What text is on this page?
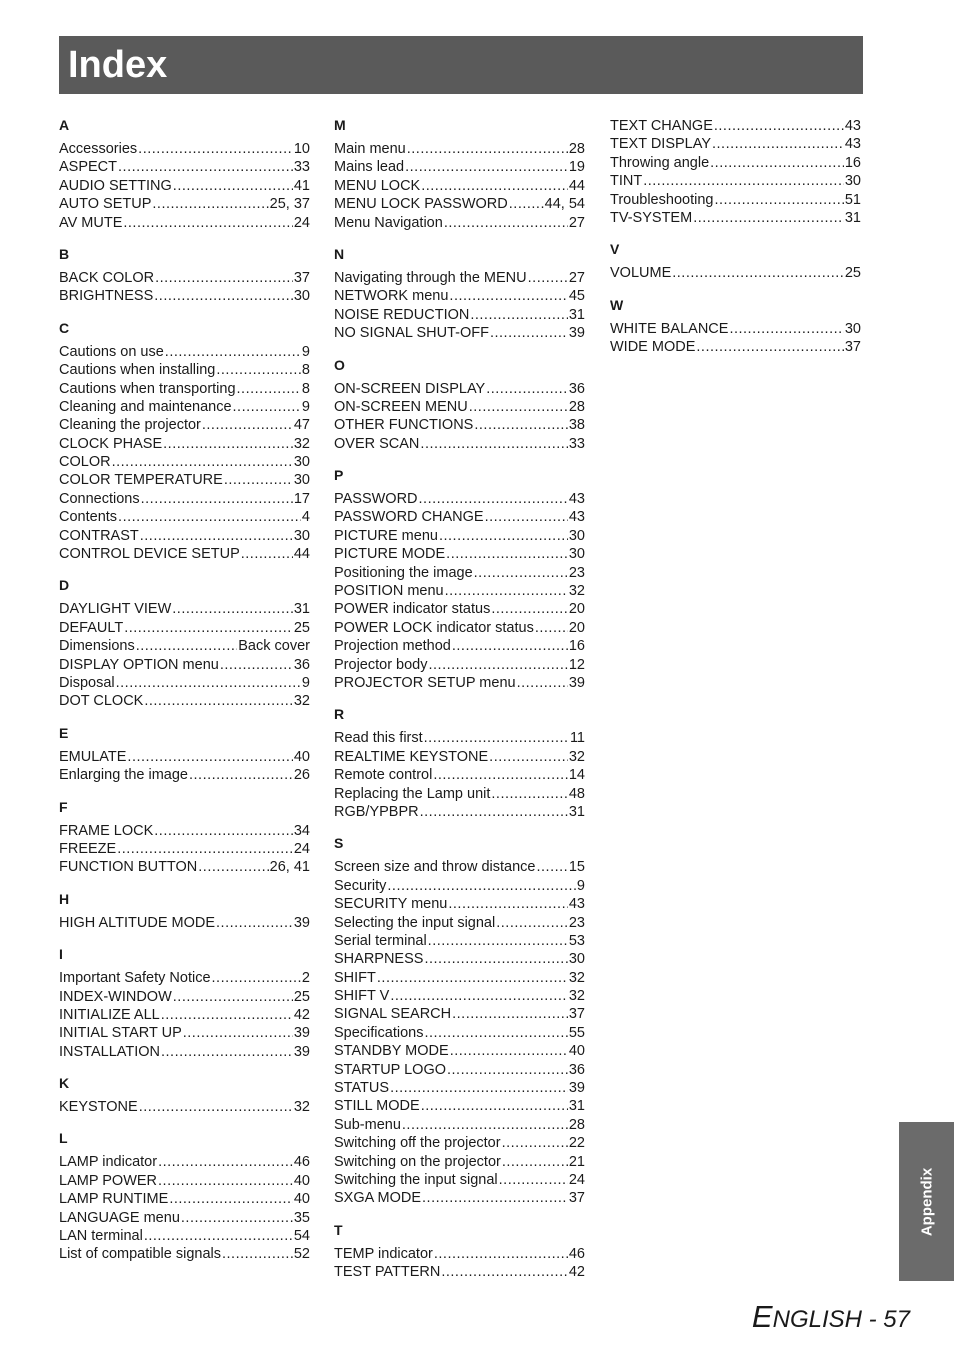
Index
A
Accessories .....	10
ASPECT .....	33
AUDIO SETTING .....	41
AUTO SETUP .....	25, 37
AV MUTE .....	24
B
BACK COLOR .....	37
BRIGHTNESS .....	30
C
Cautions on use .....	9
Cautions when installing .....	8
Cautions when transporting .....	8
Cleaning and maintenance .....	9
Cleaning the projector .....	47
CLOCK PHASE .....	32
COLOR .....	30
COLOR TEMPERATURE .....	30
Connections .....	17
Contents .....	4
CONTRAST .....	30
CONTROL DEVICE SETUP .....	44
D
DAYLIGHT VIEW .....	31
DEFAULT .....	25
Dimensions .....	Back cover
DISPLAY OPTION menu .....	36
Disposal .....	9
DOT CLOCK .....	32
E
EMULATE .....	40
Enlarging the image .....	26
F
FRAME LOCK .....	34
FREEZE .....	24
FUNCTION BUTTON .....	26, 41
H
HIGH ALTITUDE MODE .....	39
I
Important Safety Notice .....	2
INDEX-WINDOW .....	25
INITIALIZE ALL .....	42
INITIAL START UP .....	39
INSTALLATION .....	39
K
KEYSTONE .....	32
L
LAMP indicator .....	46
LAMP POWER .....	40
LAMP RUNTIME .....	40
LANGUAGE menu .....	35
LAN terminal .....	54
List of compatible signals .....	52
M
Main menu .....	28
Mains lead .....	19
MENU LOCK .....	44
MENU LOCK PASSWORD .....	44, 54
Menu Navigation .....	27
N
Navigating through the MENU .....	27
NETWORK menu .....	45
NOISE REDUCTION .....	31
NO SIGNAL SHUT-OFF .....	39
O
ON-SCREEN DISPLAY .....	36
ON-SCREEN MENU .....	28
OTHER FUNCTIONS .....	38
OVER SCAN .....	33
P
PASSWORD .....	43
PASSWORD CHANGE .....	43
PICTURE menu .....	30
PICTURE MODE .....	30
Positioning the image .....	23
POSITION menu .....	32
POWER indicator status .....	20
POWER LOCK indicator status ..... 20
Projection method .....	16
Projector body .....	12
PROJECTOR SETUP menu .....	39
R
Read this first .....	11
REALTIME KEYSTONE .....	32
Remote control .....	14
Replacing the Lamp unit .....	48
RGB/YPBPR .....	31
S
Screen size and throw distance ..... 15
Security .....	9
SECURITY menu .....	43
Selecting the input signal .....	23
Serial terminal .....	53
SHARPNESS .....	30
SHIFT .....	32
SHIFT V .....	32
SIGNAL SEARCH .....	37
Specifications .....	55
STANDBY MODE .....	40
STARTUP LOGO .....	36
STATUS .....	39
STILL MODE .....	31
Sub-menu .....	28
Switching off the projector .....	22
Switching on the projector .....	21
Switching the input signal .....	24
SXGA MODE .....	37
T
TEMP indicator .....	46
TEST PATTERN .....	42
TEXT CHANGE .....	43
TEXT DISPLAY .....	43
Throwing angle .....	16
TINT .....	30
Troubleshooting .....	51
TV-SYSTEM .....	31
V
VOLUME .....	25
W
WHITE BALANCE .....	30
WIDE MODE .....	37
Appendix
ENGLISH - 57
